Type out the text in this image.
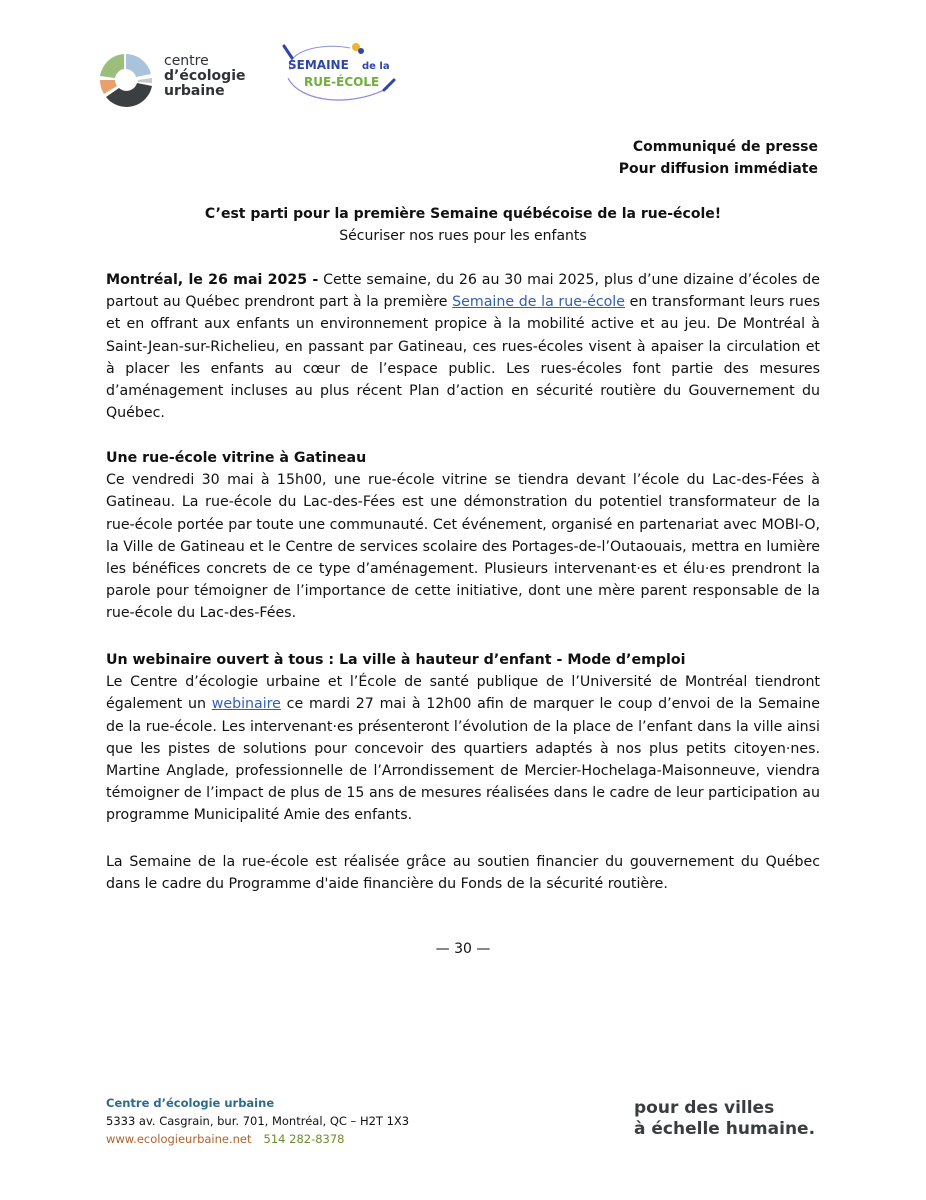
centre
d’écologie
urbaine
SEMAINE de la
RUE-ÉCOLE
Communiqué de presse
Pour diffusion immédiate
C’est parti pour la première Semaine québécoise de la rue-école!
Sécuriser nos rues pour les enfants

Montréal, le 26 mai 2025 - Cette semaine, du 26 au 30 mai 2025, plus d’une dizaine d’écoles de partout au Québec prendront part à la première Semaine de la rue-école en transformant leurs rues et en offrant aux enfants un environnement propice à la mobilité active et au jeu. De Montréal à Saint-Jean-sur-Richelieu, en passant par Gatineau, ces rues-écoles visent à apaiser la circulation et à placer les enfants au cœur de l’espace public. Les rues-écoles font partie des mesures d’aménagement incluses au plus récent Plan d’action en sécurité routière du Gouvernement du Québec.

Une rue-école vitrine à Gatineau
Ce vendredi 30 mai à 15h00, une rue-école vitrine se tiendra devant l’école du Lac-des-Fées à Gatineau. La rue-école du Lac-des-Fées est une démonstration du potentiel transformateur de la rue-école portée par toute une communauté. Cet événement, organisé en partenariat avec MOBI-O, la Ville de Gatineau et le Centre de services scolaire des Portages-de-l’Outaouais, mettra en lumière les bénéfices concrets de ce type d’aménagement. Plusieurs intervenant·es et élu·es prendront la parole pour témoigner de l’importance de cette initiative, dont une mère parent responsable de la rue-école du Lac-des-Fées.

Un webinaire ouvert à tous : La ville à hauteur d’enfant - Mode d’emploi
Le Centre d’écologie urbaine et l’École de santé publique de l’Université de Montréal tiendront également un webinaire ce mardi 27 mai à 12h00 afin de marquer le coup d’envoi de la Semaine de la rue-école. Les intervenant·es présenteront l’évolution de la place de l’enfant dans la ville ainsi que les pistes de solutions pour concevoir des quartiers adaptés à nos plus petits citoyen·nes. Martine Anglade, professionnelle de l’Arrondissement de Mercier-Hochelaga-Maisonneuve, viendra témoigner de l’impact de plus de 15 ans de mesures réalisées dans le cadre de leur participation au programme Municipalité Amie des enfants.

La Semaine de la rue-école est réalisée grâce au soutien financier du gouvernement du Québec dans le cadre du Programme d'aide financière du Fonds de la sécurité routière.

— 30 —
Centre d’écologie urbaine
5333 av. Casgrain, bur. 701, Montréal, QC – H2T 1X3
www.ecologieurbaine.net 514 282-8378
pour des villes
à échelle humaine.
